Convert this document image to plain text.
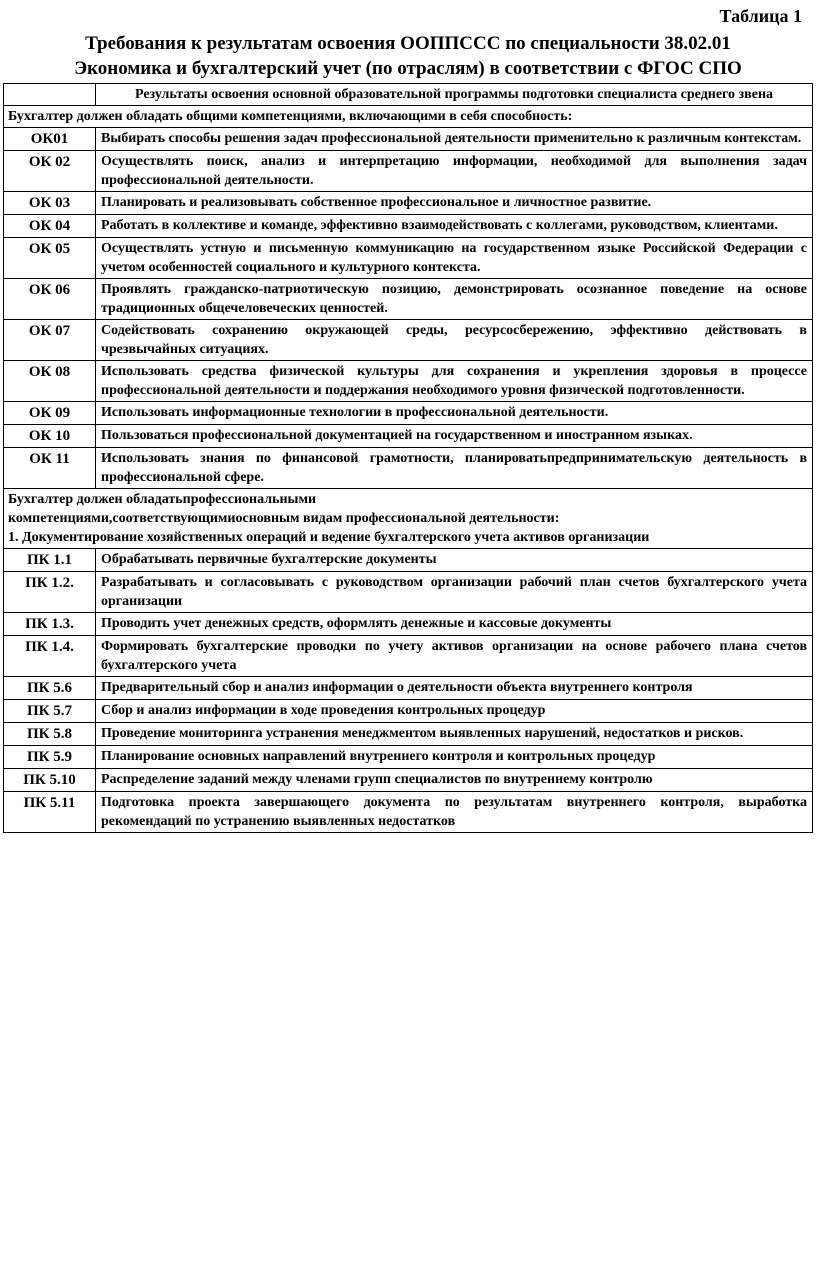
Таблица 1
Требования к результатам освоения ООППССС по специальности 38.02.01
Экономика и бухгалтерский учет (по отраслям) в соответствии с ФГОС СПО
	Результаты освоения основной образовательной программы подготовки специалиста среднего звена
Бухгалтер должен обладать общими компетенциями, включающими в себя способность:	
ОК01	Выбирать способы решения задач профессиональной деятельности применительно к различным контекстам.
ОК 02	Осуществлять поиск, анализ и интерпретацию информации, необходимой для выполнения задач профессиональной деятельности.
ОК 03	Планировать и реализовывать собственное профессиональное и личностное развитие.
ОК 04	Работать в коллективе и команде, эффективно взаимодействовать с коллегами, руководством, клиентами.
ОК 05	Осуществлять устную и письменную коммуникацию на государственном языке Российской Федерации с учетом особенностей социального и культурного контекста.
ОК 06	Проявлять гражданско-патриотическую позицию, демонстрировать осознанное поведение на основе традиционных общечеловеческих ценностей.
ОК 07	Содействовать сохранению окружающей среды, ресурсосбережению, эффективно действовать в чрезвычайных ситуациях.
ОК 08	Использовать средства физической культуры для сохранения и укрепления здоровья в процессе профессиональной деятельности и поддержания необходимого уровня физической подготовленности.
ОК 09	Использовать информационные технологии в профессиональной деятельности.
ОК 10	Пользоваться профессиональной документацией на государственном и иностранном языках.
ОК 11	Использовать знания по финансовой грамотности, планироватьпредпринимательскую деятельность в профессиональной сфере.

Бухгалтер должен обладатьпрофессиональными
компетенциями,соответствующимиосновным видам профессиональной деятельности:
1. Документирование хозяйственных операций и ведение бухгалтерского учета активов организации	

ПК 1.1	Обрабатывать первичные бухгалтерские документы
ПК 1.2.	Разрабатывать и согласовывать с руководством организации рабочий план счетов бухгалтерского учета организации
ПК 1.3.	Проводить учет денежных средств, оформлять денежные и кассовые документы
ПК 1.4.	Формировать бухгалтерские проводки по учету активов организации на основе рабочего плана счетов бухгалтерского учета
ПК 5.6	Предварительный сбор и анализ информации о деятельности объекта внутреннего контроля
ПК 5.7	Сбор и анализ информации в ходе проведения контрольных процедур
ПК 5.8	Проведение мониторинга устранения менеджментом выявленных нарушений, недостатков и рисков.
ПК 5.9	Планирование основных направлений внутреннего контроля и контрольных процедур
ПК 5.10	Распределение заданий между членами групп специалистов по внутреннему контролю
ПК 5.11	Подготовка проекта завершающего документа по результатам внутреннего контроля, выработка рекомендаций по устранению выявленных недостатков
